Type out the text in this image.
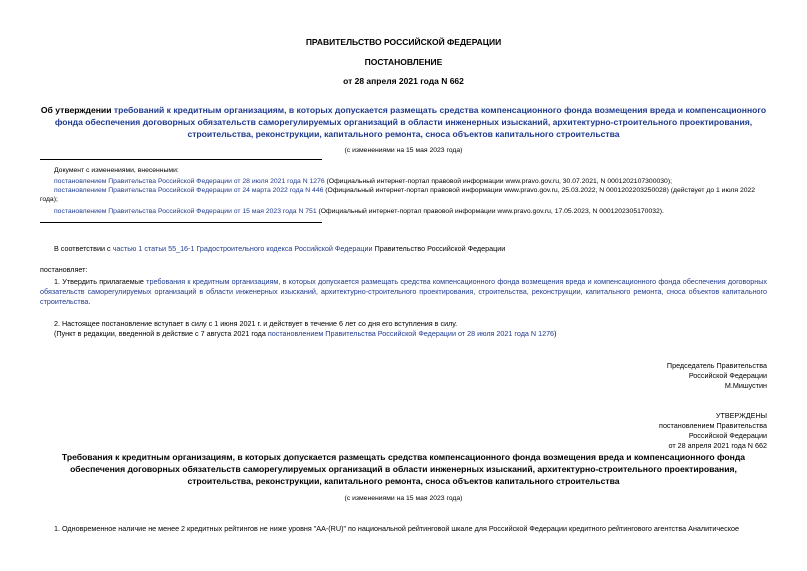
ПРАВИТЕЛЬСТВО РОССИЙСКОЙ ФЕДЕРАЦИИ
ПОСТАНОВЛЕНИЕ
от 28 апреля 2021 года N 662
Об утверждении требований к кредитным организациям, в которых допускается размещать средства компенсационного фонда возмещения вреда и компенсационного фонда обеспечения договорных обязательств саморегулируемых организаций в области инженерных изысканий, архитектурно-строительного проектирования, строительства, реконструкции, капитального ремонта, сноса объектов капитального строительства
(с изменениями на 15 мая 2023 года)
Документ с изменениями, внесенными:
постановлением Правительства Российской Федерации от 28 июля 2021 года N 1276 (Официальный интернет-портал правовой информации www.pravo.gov.ru, 30.07.2021, N 0001202107300030);
постановлением Правительства Российской Федерации от 24 марта 2022 года N 446 (Официальный интернет-портал правовой информации www.pravo.gov.ru, 25.03.2022, N 0001202203250028) (действует до 1 июля 2022 года);
постановлением Правительства Российской Федерации от 15 мая 2023 года N 751 (Официальный интернет-портал правовой информации www.pravo.gov.ru, 17.05.2023, N 0001202305170032).
В соответствии с частью 1 статьи 55_16-1 Градостроительного кодекса Российской Федерации Правительство Российской Федерации
постановляет:
1. Утвердить прилагаемые требования к кредитным организациям, в которых допускается размещать средства компенсационного фонда возмещения вреда и компенсационного фонда обеспечения договорных обязательств саморегулируемых организаций в области инженерных изысканий, архитектурно-строительного проектирования, строительства, реконструкции, капитального ремонта, сноса объектов капитального строительства.
2. Настоящее постановление вступает в силу с 1 июня 2021 г. и действует в течение 6 лет со дня его вступления в силу.
(Пункт в редакции, введенной в действие с 7 августа 2021 года постановлением Правительства Российской Федерации от 28 июля 2021 года N 1276)
Председатель Правительства
Российской Федерации
М.Мишустин
УТВЕРЖДЕНЫ
постановлением Правительства
Российской Федерации
от 28 апреля 2021 года N 662
Требования к кредитным организациям, в которых допускается размещать средства компенсационного фонда возмещения вреда и компенсационного фонда обеспечения договорных обязательств саморегулируемых организаций в области инженерных изысканий, архитектурно-строительного проектирования, строительства, реконструкции, капитального ремонта, сноса объектов капитального строительства
(с изменениями на 15 мая 2023 года)
1. Одновременное наличие не менее 2 кредитных рейтингов не ниже уровня "AA-(RU)" по национальной рейтинговой шкале для Российской Федерации кредитного рейтингового агентства Аналитическое
